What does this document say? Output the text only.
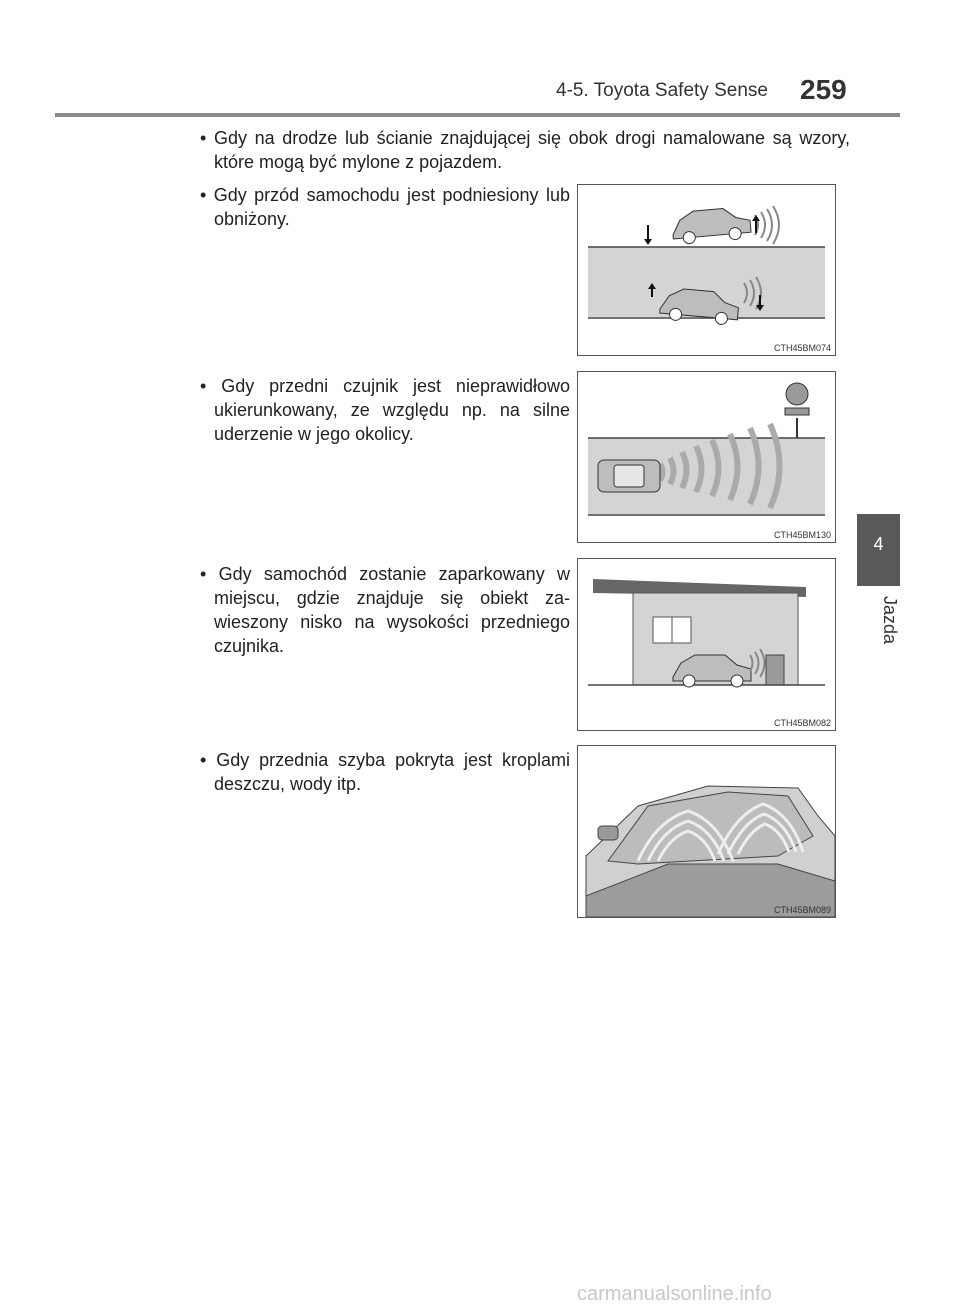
4-5. Toyota Safety Sense 259
4
Jazda
• Gdy na drodze lub ścianie znajdującej się obok drogi namalowane są wzory, które mogą być mylone z pojazdem.
• Gdy przód samochodu jest podniesiony lub obniżony.
• Gdy przedni czujnik jest nieprawidłowo ukierunkowany, ze względu np. na silne uderzenie w jego okolicy.
• Gdy samochód zostanie zaparkowany w miejscu, gdzie znajduje się obiekt za-wieszony nisko na wysokości przedniego czujnika.
• Gdy przednia szyba pokryta jest kroplami deszczu, wody itp.
CTH45BM074
CTH45BM130
CTH45BM082
CTH45BM089
carmanualsonline.info
